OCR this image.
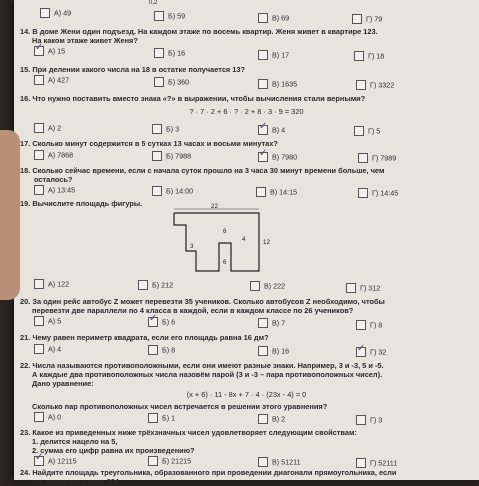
A) 49
0,2
Б) 59	В) 69	Г) 79
14. В доме Жени один подъезд. На каждом этаже по восемь квартир. Женя живет в квартире 123.
На каком этаже живет Женя?
✓А) 15	Б) 16	В) 17	Г) 18
15. При делении какого числа на 18 в остатке получается 13?
А) 427	Б) 360	В) 1635	Г) 3322
16. Что нужно поставить вместо знака «?» в выражении, чтобы вычисления стали верными?
? · 7 · 2 + 6 · ? · 2 + 8 · 3 · 9 = 320
А) 2	Б) 3 ✓	В) 4	Г) 5
17. Сколько минут содержится в 5 сутках 13 часах и восьми минутах?
А) 7868	Б) 7988 ✓	В) 7980	Г) 7989
18. Сколько сейчас времени, если с начала суток прошло на 3 часа 30 минут времени больше, чем
осталось?
А) 13:45	Б) 14:00	В) 14:15	Г) 14:45
19. Вычислите площадь фигуры.	22
12
6
4
3
6
А) 122	Б) 212	В) 222	Г) 312
20. За один рейс автобус Z может перевезти 35 учеников. Сколько автобусов Z необходимо, чтобы
перевезти две параллели по 4 класса в каждой, если в каждом классе по 26 учеников?
А) 5 ✓	Б) 6	В) 7	Г) 8
21. Чему равен периметр квадрата, если его площадь равна 16 дм?
А) 4	Б) 8	В) 16 ✓	Г) 32
22. Числа называются противоположными, если они имеют разные знаки. Например, 3 и -3, 5 и -5.
А каждые два противоположных числа назовём парой (3 и -3 – пара противоположных чисел).
Дано уравнение:
(x + 6) · 11 - 8x + 7 · 4 · (23x - 4) = 0
Сколько пар противоположных чисел встречается в решении этого уравнения?
А) 0	Б) 1	В) 2	Г) 3
23. Какое из приведенных ниже трёхзначных чисел удовлетворяет следующим свойствам:
1. делится нацело на 5,
2. сумма его цифр равна их произведению?
✓А) 12115	Б) 21215	В) 51211	Г) 52111
24. Найдите площадь треугольника, образованного при проведении диагонали прямоугольника, если
его периметр равен 304
